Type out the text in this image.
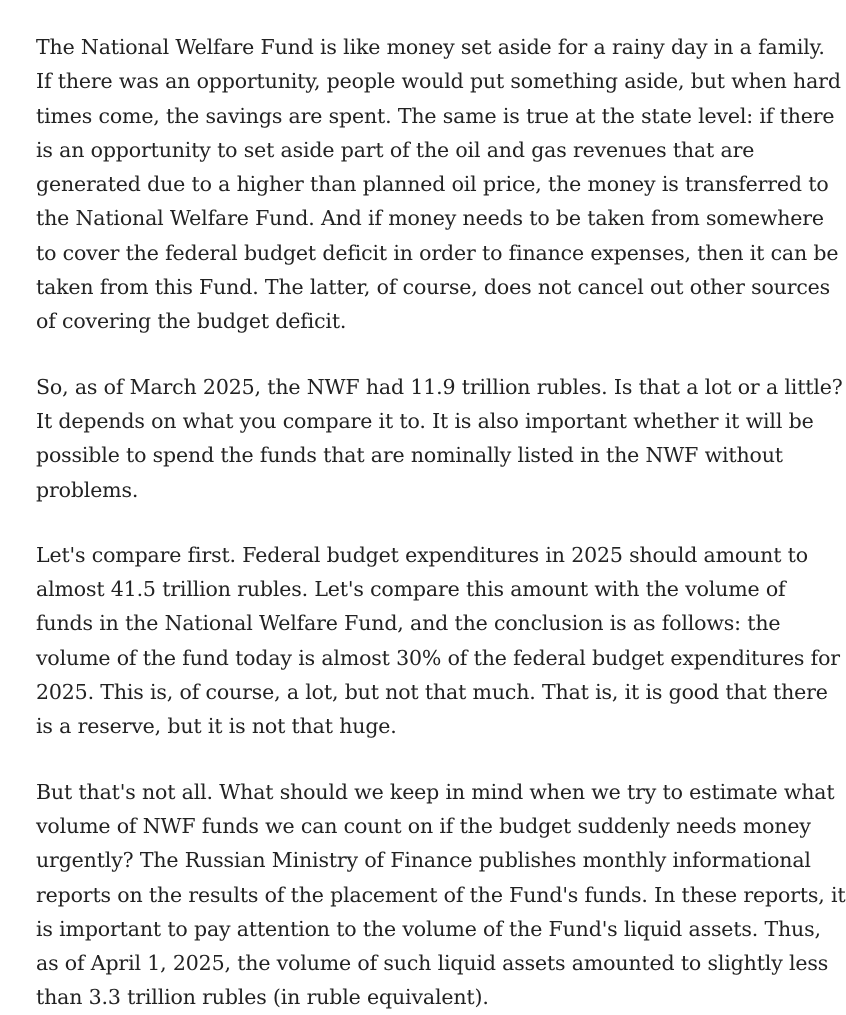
The National Welfare Fund is like money set aside for a rainy day in a family.
If there was an opportunity, people would put something aside, but when hard
times come, the savings are spent. The same is true at the state level: if there
is an opportunity to set aside part of the oil and gas revenues that are
generated due to a higher than planned oil price, the money is transferred to
the National Welfare Fund. And if money needs to be taken from somewhere
to cover the federal budget deficit in order to finance expenses, then it can be
taken from this Fund. The latter, of course, does not cancel out other sources
of covering the budget deficit.

So, as of March 2025, the NWF had 11.9 trillion rubles. Is that a lot or a little?
It depends on what you compare it to. It is also important whether it will be
possible to spend the funds that are nominally listed in the NWF without
problems.

Let's compare first. Federal budget expenditures in 2025 should amount to
almost 41.5 trillion rubles. Let's compare this amount with the volume of
funds in the National Welfare Fund, and the conclusion is as follows: the
volume of the fund today is almost 30% of the federal budget expenditures for
2025. This is, of course, a lot, but not that much. That is, it is good that there
is a reserve, but it is not that huge.

But that's not all. What should we keep in mind when we try to estimate what
volume of NWF funds we can count on if the budget suddenly needs money
urgently? The Russian Ministry of Finance publishes monthly informational
reports on the results of the placement of the Fund's funds. In these reports, it
is important to pay attention to the volume of the Fund's liquid assets. Thus,
as of April 1, 2025, the volume of such liquid assets amounted to slightly less
than 3.3 trillion rubles (in ruble equivalent).
